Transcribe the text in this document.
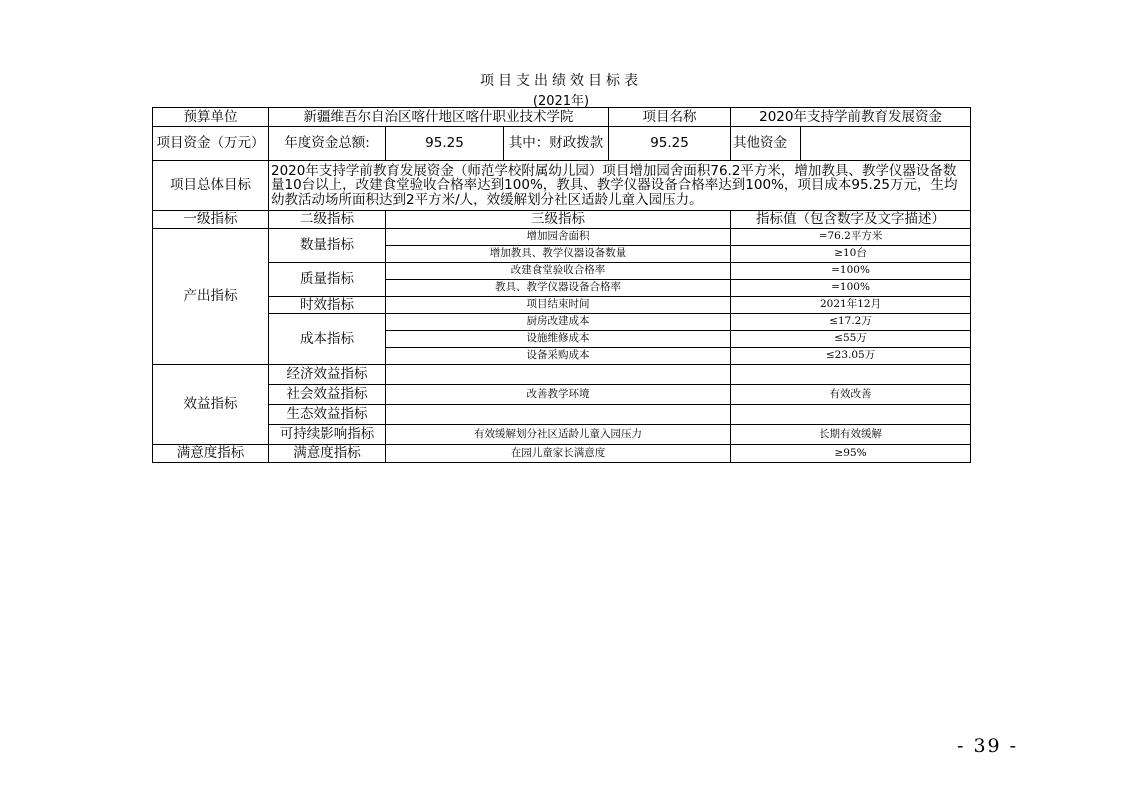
项目支出绩效目标表
(2021年)
预算单位	新疆维吾尔自治区喀什地区喀什职业技术学院			项目名称	2020年支持学前教育发展资金	
项目资金（万元）	年度资金总额:	95.25	其中：财政拨款	95.25	其他资金	
项目总体目标	2020年支持学前教育发展资金（师范学校附属幼儿园）项目增加园舍面积76.2平方米，增加教具、教学仪器设备数量10台以上，改建食堂验收合格率达到100%，教具、教学仪器设备合格率达到100%，项目成本95.25万元，生均幼教活动场所面积达到2平方米/人，效缓解划分社区适龄儿童入园压力。					
一级指标	二级指标	三级指标			指标值（包含数字及文字描述）	
产出指标	数量指标	增加园舍面积			=76.2平方米	
		增加教具、教学仪器设备数量			≥10台	
	质量指标	改建食堂验收合格率			=100%	
		教具、教学仪器设备合格率			=100%	
	时效指标	项目结束时间			2021年12月	
	成本指标	厨房改建成本			≤17.2万	
		设施维修成本			≤55万	
		设备采购成本			≤23.05万	
效益指标	经济效益指标					
	社会效益指标	改善教学环境			有效改善	
	生态效益指标					
	可持续影响指标	有效缓解划分社区适龄儿童入园压力			长期有效缓解	
满意度指标	满意度指标	在园儿童家长满意度			≥95%	
- 39 -
